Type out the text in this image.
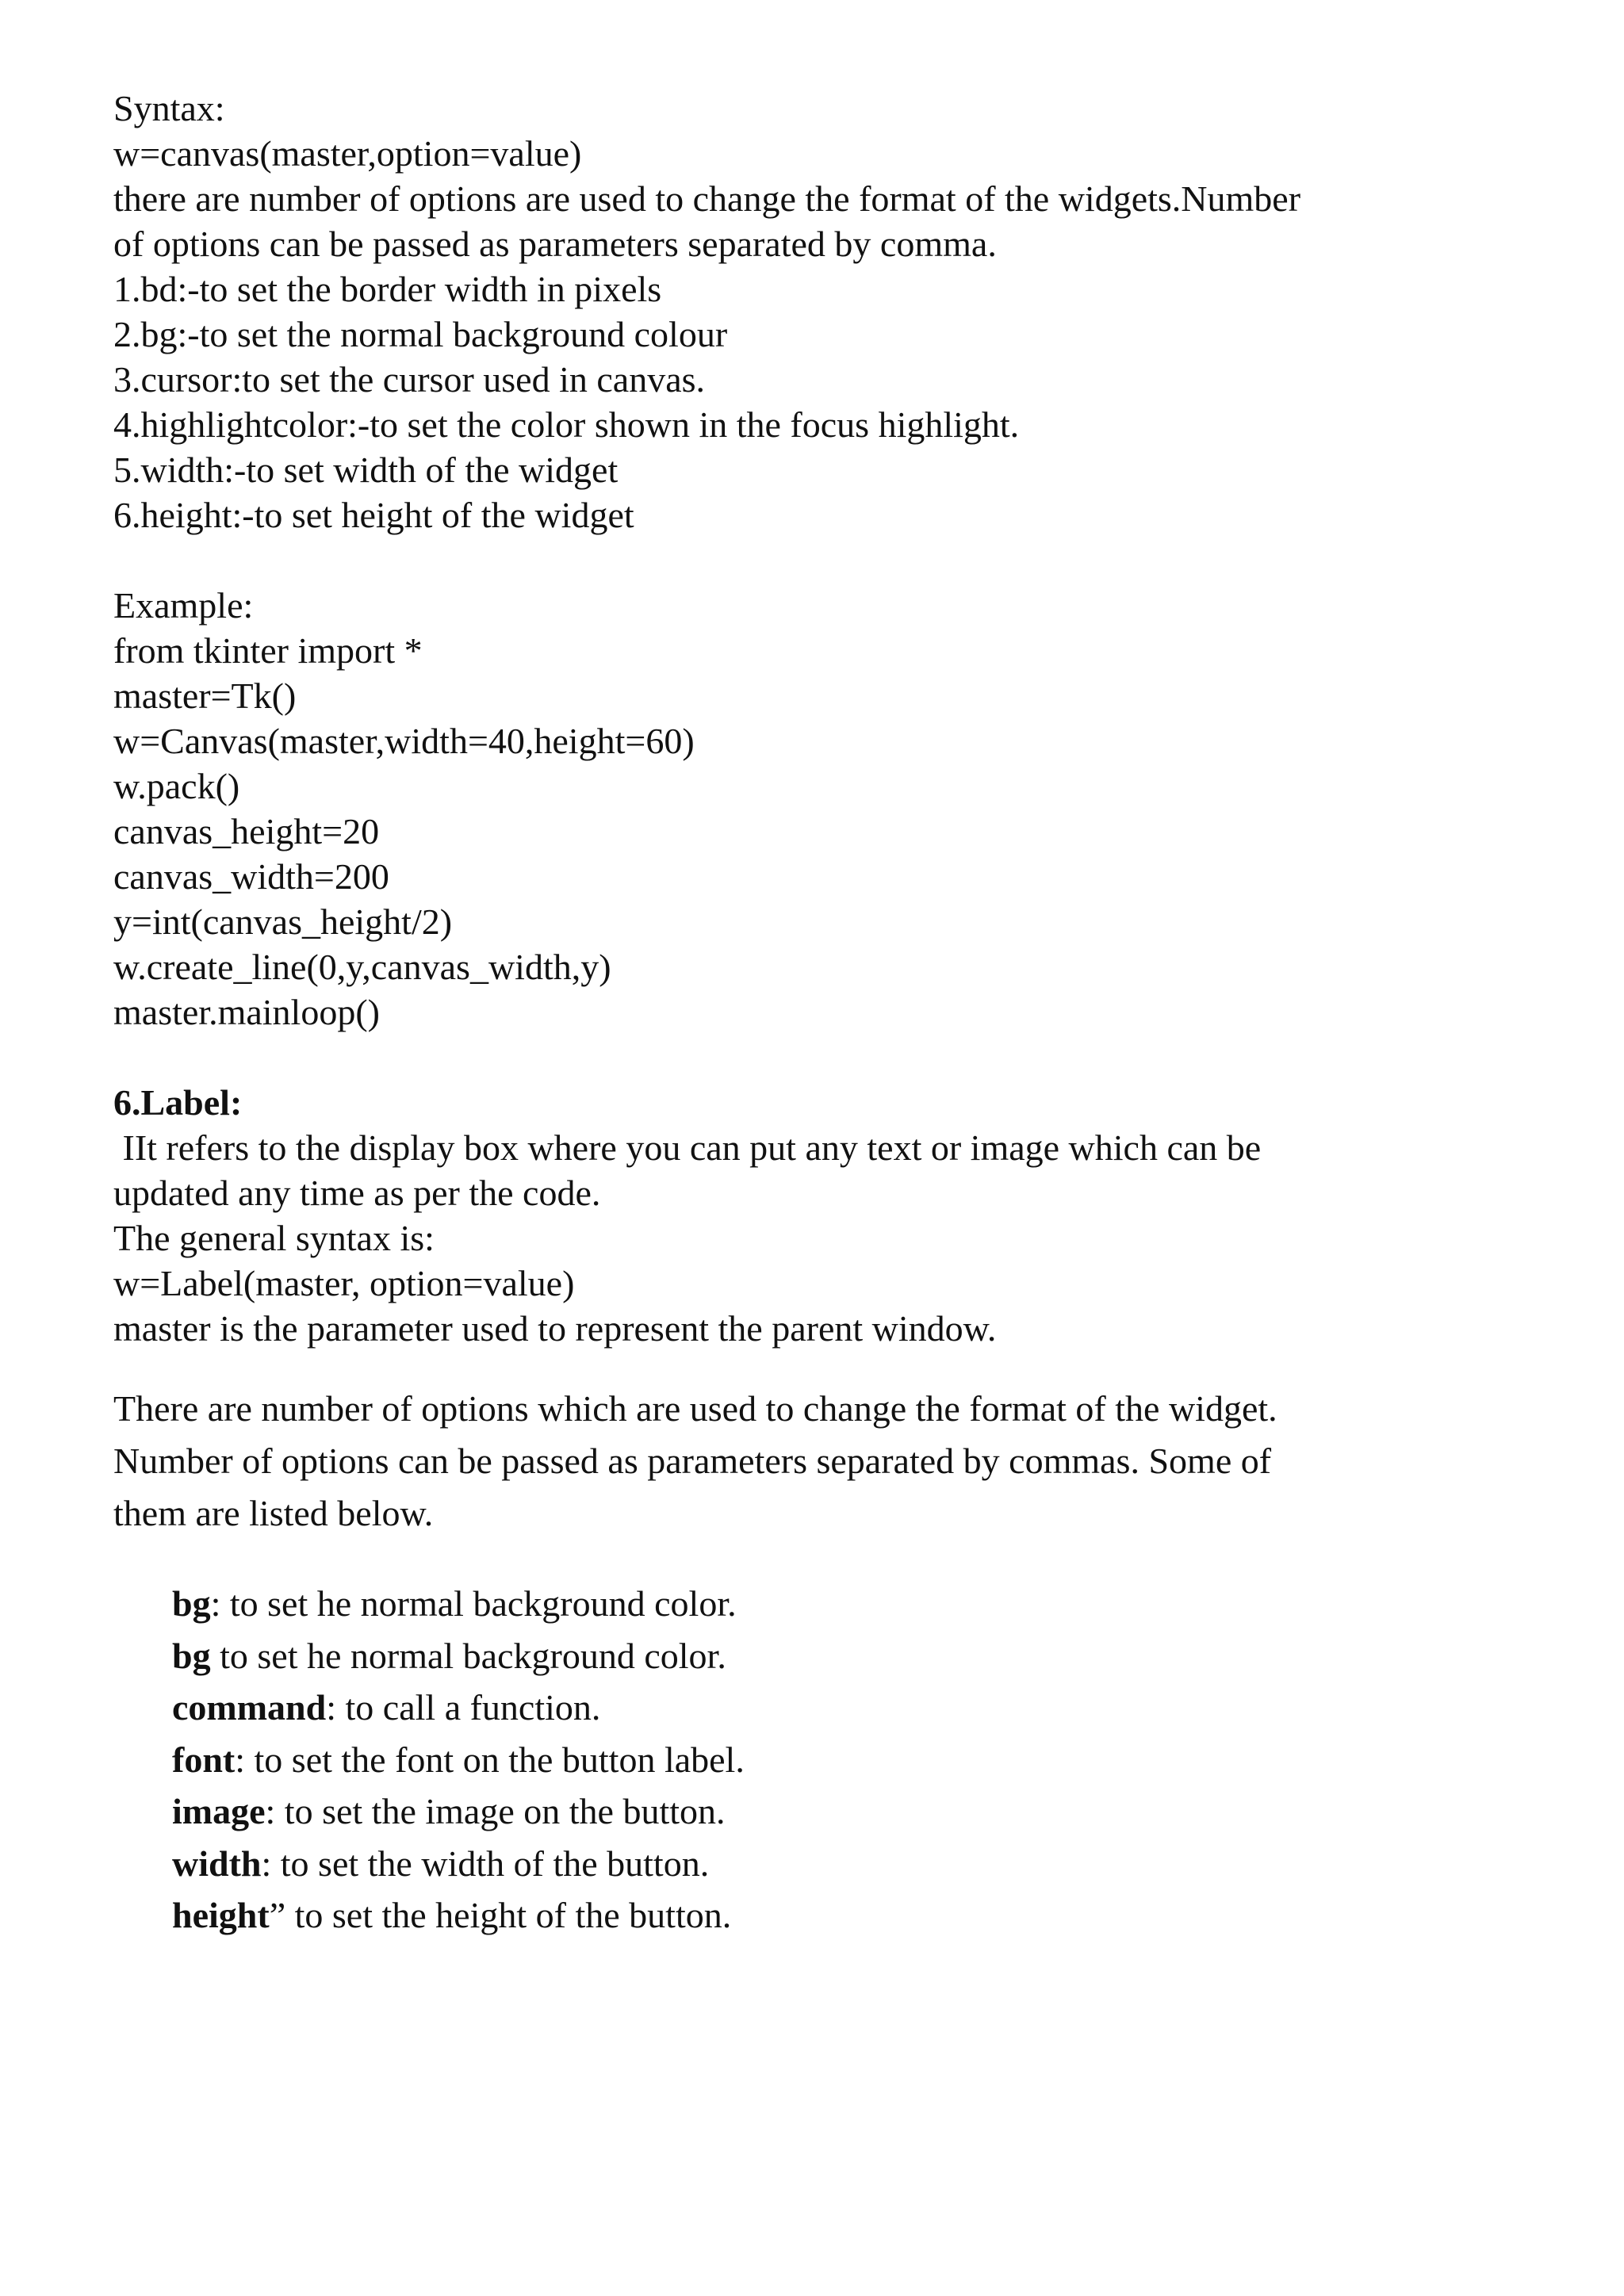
Syntax:
w=canvas(master,option=value)
there are number of options are used to change the format of the widgets.Number
of options can be passed as parameters separated by comma.
1.bd:-to set the border width in pixels
2.bg:-to set the normal background colour
3.cursor:to set the cursor used in canvas.
4.highlightcolor:-to set the color shown in the focus highlight.
5.width:-to set width of the widget
6.height:-to set height of the widget
Example:
from tkinter import *
master=Tk()
w=Canvas(master,width=40,height=60)
w.pack()
canvas_height=20
canvas_width=200
y=int(canvas_height/2)
w.create_line(0,y,canvas_width,y)
master.mainloop()
6.Label:
IIt refers to the display box where you can put any text or image which can be
updated any time as per the code.
The general syntax is:
w=Label(master, option=value)
master is the parameter used to represent the parent window.
There are number of options which are used to change the format of the widget.
Number of options can be passed as parameters separated by commas. Some of
them are listed below.
bg: to set he normal background color.
bg to set he normal background color.
command: to call a function.
font: to set the font on the button label.
image: to set the image on the button.
width: to set the width of the button.
height” to set the height of the button.
